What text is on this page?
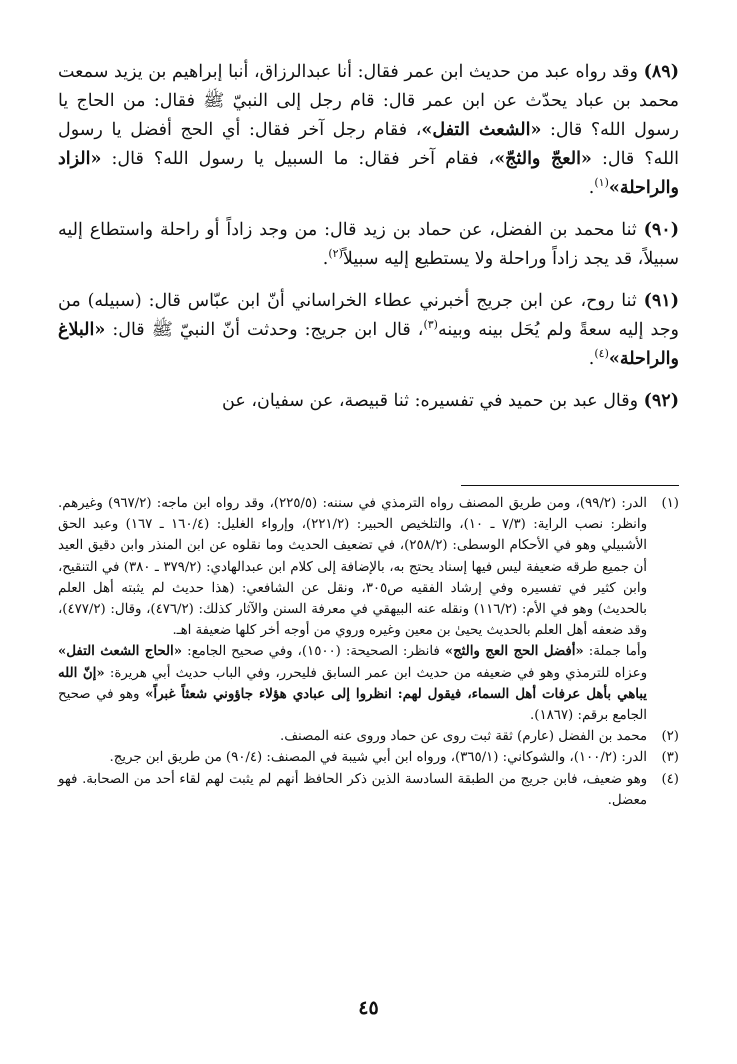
(٨٩) وقد رواه عبد من حديث ابن عمر فقال: أنا عبدالرزاق، أنبا إبراهيم بن يزيد سمعت محمد بن عباد يحدّث عن ابن عمر قال: قام رجل إلى النبيّ ﷺ فقال: من الحاج يا رسول الله؟ قال: «الشعث التفل»، فقام رجل آخر فقال: أي الحج أفضل يا رسول الله؟ قال: «العجّ والثجّ»، فقام آخر فقال: ما السبيل يا رسول الله؟ قال: «الزاد والراحلة»$^{(١)}$.

(٩٠) ثنا محمد بن الفضل، عن حماد بن زيد قال: من وجد زاداً أو راحلة واستطاع إليه سبيلاً، قد يجد زاداً وراحلة ولا يستطيع إليه سبيلاً$^{(٢)}$.

(٩١) ثنا روح، عن ابن جريج أخبرني عطاء الخراساني أنّ ابن عبّاس قال: (سبيله) من وجد إليه سعةً ولم يُحَل بينه وبينه$^{(٣)}$، قال ابن جريج: وحدثت أنّ النبيّ ﷺ قال: «البلاغ والراحلة»$^{(٤)}$.

(٩٢) وقال عبد بن حميد في تفسيره: ثنا قبيصة، عن سفيان، عن

(١)

الدر: (٩٩/٢)، ومن طريق المصنف رواه الترمذي في سننه: (٢٢٥/٥)، وقد رواه ابن ماجه: (٩٦٧/٢) وغيرهم. وانظر: نصب الراية: (٧/٣ ـ ١٠)، والتلخيص الحبير: (٢٢١/٢)، وإرواء الغليل: (١٦٠/٤ ـ ١٦٧) وعبد الحق الأشبيلي وهو في الأحكام الوسطى: (٢٥٨/٢)، في تضعيف الحديث وما نقلوه عن ابن المنذر وابن دقيق العيد أن جميع طرقه ضعيفة ليس فيها إسناد يحتج به، بالإضافة إلى كلام ابن عبدالهادي: (٣٧٩/٢ ـ ٣٨٠) في التنقيح، وابن كثير في تفسيره وفي إرشاد الفقيه ص٣٠٥، ونقل عن الشافعي: (هذا حديث لم يثبته أهل العلم بالحديث) وهو في الأم: (١١٦/٢) ونقله عنه البيهقي في معرفة السنن والآثار كذلك: (٤٧٦/٢)، وقال: (٤٧٧/٢)، وقد ضعفه أهل العلم بالحديث يحيىٰ بن معين وغيره وروي من أوجه أخر كلها ضعيفة اهـ.

وأما جملة: «أفضل الحج العج والثج» فانظر: الصحيحة: (١٥٠٠)، وفي صحيح الجامع: «الحاج الشعث التفل» وعزاه للترمذي وهو في ضعيفه من حديث ابن عمر السابق فليحرر، وفي الباب حديث أبي هريرة: «إنّ الله يباهي بأهل عرفات أهل السماء، فيقول لهم: انظروا إلى عبادي هؤلاء جاؤوني شعثاً غبراً» وهو في صحيح الجامع برقم: (١٨٦٧).

(٢)
محمد بن الفضل (عارم) ثقة ثبت روى عن حماد وروى عنه المصنف.
(٣)
الدر: (١٠٠/٢)، والشوكاني: (٣٦٥/١)، ورواه ابن أبي شيبة في المصنف: (٩٠/٤) من طريق ابن جريج.
(٤)
وهو ضعيف، فابن جريج من الطبقة السادسة الذين ذكر الحافظ أنهم لم يثبت لهم لقاء أحد من الصحابة. فهو معضل.
٤٥
